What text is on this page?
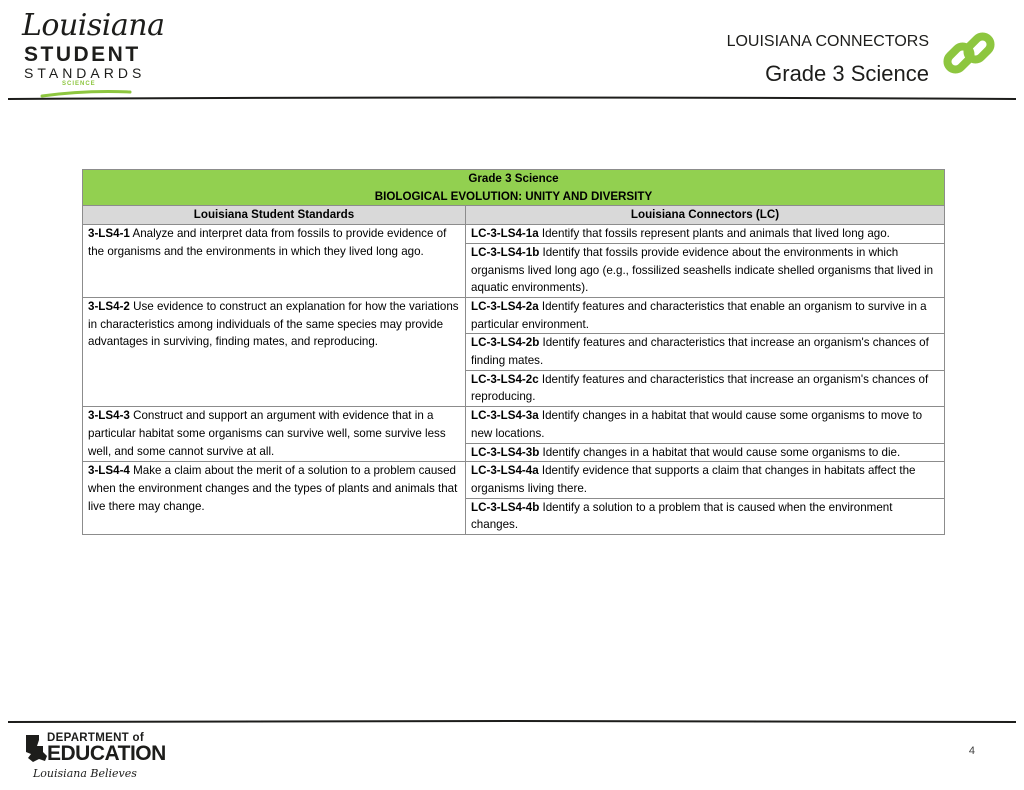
Louisiana
STUDENT
STANDARDS
SCIENCE
LOUISIANA CONNECTORS
Grade 3 Science
Grade 3 Science
BIOLOGICAL EVOLUTION: UNITY AND DIVERSITY	

Louisiana Student Standards	Louisiana Connectors (LC)
3-LS4-1 Analyze and interpret data from fossils to provide evidence of the organisms and the environments in which they lived long ago.	LC-3-LS4-1a Identify that fossils represent plants and animals that lived long ago.
	LC-3-LS4-1b Identify that fossils provide evidence about the environments in which organisms lived long ago (e.g., fossilized seashells indicate shelled organisms that lived in aquatic environments).
3-LS4-2 Use evidence to construct an explanation for how the variations in characteristics among individuals of the same species may provide advantages in surviving, finding mates, and reproducing.	LC-3-LS4-2a Identify features and characteristics that enable an organism to survive in a particular environment.
	LC-3-LS4-2b Identify features and characteristics that increase an organism's chances of finding mates.
	LC-3-LS4-2c Identify features and characteristics that increase an organism's chances of reproducing.
3-LS4-3 Construct and support an argument with evidence that in a particular habitat some organisms can survive well, some survive less well, and some cannot survive at all.	LC-3-LS4-3a Identify changes in a habitat that would cause some organisms to move to new locations.
	LC-3-LS4-3b Identify changes in a habitat that would cause some organisms to die.
3-LS4-4 Make a claim about the merit of a solution to a problem caused when the environment changes and the types of plants and animals that live there may change.	LC-3-LS4-4a Identify evidence that supports a claim that changes in habitats affect the organisms living there.
	LC-3-LS4-4b Identify a solution to a problem that is caused when the environment changes.
DEPARTMENT of
EDUCATION
Louisiana Believes
4
